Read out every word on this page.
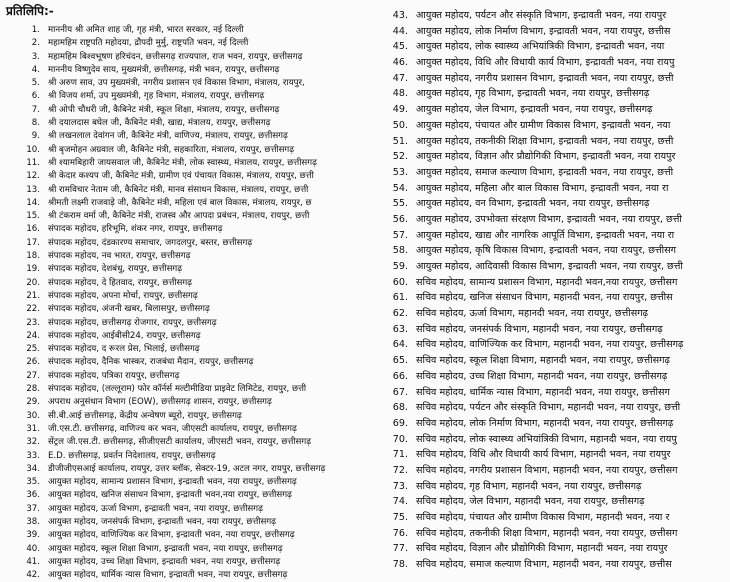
प्रतिलिपि:-
1. माननीय श्री अमित शाह जी, गृह मंत्री, भारत सरकार, नई दिल्ली
2. महामहिम राष्ट्रपति महोदया, द्रौपदी मुर्मु, राष्ट्रपति भवन, नई दिल्ली
3. महामहिम बिश्वभूषण हरिचंदन, छत्तीसगढ़ राज्यपाल, राज भवन, रायपुर, छत्तीसगढ़
4. माननीय विष्णुदेव साय, मुख्यमंत्री, छत्तीसगढ़, मंत्री भवन, रायपुर, छत्तीसगढ़
5. श्री अरुण साव, उप मुख्यमंत्री, नगरीय प्रशासन एवं विकास विभाग, मंत्रालय, रायपुर,
6. श्री विजय शर्मा, उप मुख्यमंत्री, गृह विभाग, मंत्रालय, रायपुर, छत्तीसगढ़
7. श्री ओपी चौधरी जी, कैबिनेट मंत्री, स्कूल शिक्षा, मंत्रालय, रायपुर, छत्तीसगढ़
8. श्री दयालदास बघेल जी, कैबिनेट मंत्री, खाद्य, मंत्रालय, रायपुर, छत्तीसगढ़
9. श्री लखनलाल देवांगन जी, कैबिनेट मंत्री, वाणिज्य, मंत्रालय, रायपुर, छत्तीसगढ़
10. श्री बृजमोहन अग्रवाल जी, कैबिनेट मंत्री, सहकारिता, मंत्रालय, रायपुर, छत्तीसगढ़
11. श्री श्यामबिहारी जायसवाल जी, कैबिनेट मंत्री, लोक स्वास्थ्य, मंत्रालय, रायपुर, छत्तीसगढ़
12. श्री केदार कश्यप जी, कैबिनेट मंत्री, ग्रामीण एवं पंचायत विकास, मंत्रालय, रायपुर, छत्ती
13. श्री रामविचार नेताम जी, कैबिनेट मंत्री, मानव संसाधन विकास, मंत्रालय, रायपुर, छत्ती
14. श्रीमती लक्ष्मी राजवाड़े जी, कैबिनेट मंत्री, महिला एवं बाल विकास, मंत्रालय, रायपुर, छ
15. श्री टंकराम वर्मा जी, कैबिनेट मंत्री, राजस्व और आपदा प्रबंधन, मंत्रालय, रायपुर, छत्ती
16. संपादक महोदय, हरिभूमि, शंकर नगर, रायपुर, छत्तीसगढ़
17. संपादक महोदय, दंडकारण्य समाचार, जगदलपुर, बस्तर, छत्तीसगढ़
18. संपादक महोदय, नव भारत, रायपुर, छत्तीसगढ़
19. संपादक महोदय, देशबंधु, रायपुर, छत्तीसगढ़
20. संपादक महोदय, दे हितवाद, रायपुर, छत्तीसगढ़
21. संपादक महोदय, अपना मोर्चा, रायपुर, छत्तीसगढ़
22. संपादक महोदय, अंजनी खबर, बिलासपुर, छत्तीसगढ़
23. संपादक महोदय, छत्तीसगढ़ रोजगार, रायपुर, छत्तीसगढ़
24. संपादक महोदय, आईबीसी24, रायपुर, छत्तीसगढ़
25. संपादक महोदय, द रूरल प्रेस, भिलाई, छत्तीसगढ़
26. संपादक महोदय, दैनिक भास्कर, राजबंधा मैदान, रायपुर, छत्तीसगढ़
27. संपादक महोदय, पत्रिका रायपुर, छत्तीसगढ़
28. संपादक महोदय, (लल्लूराम) फोर कॉर्नर्स मल्टीमीडिया प्राइवेट लिमिटेड, रायपुर, छत्ती
29. अपराध अनुसंधान विभाग (EOW), छत्तीसगढ़ शासन, रायपुर, छत्तीसगढ़
30. सी.बी.आई छत्तीसगढ़, केंद्रीय अन्वेषण ब्यूरो, रायपुर, छत्तीसगढ़
31. जी.एस.टी. छत्तीसगढ़, वाणिज्य कर भवन, जीएसटी कार्यालय, रायपुर, छत्तीसगढ़
32. सेंट्रल जी.एस.टी. छत्तीसगढ़, सीजीएसटी कार्यालय, जीएसटी भवन, रायपुर, छत्तीसगढ़
33. E.D. छत्तीसगढ़, प्रवर्तन निदेशालय, रायपुर, छत्तीसगढ़
34. डीजीजीएसआई कार्यालय, रायपुर, उत्तर ब्लॉक, सेक्टर-19, अटल नगर, रायपुर, छत्तीसगढ़
35. आयुक्त महोदय, सामान्य प्रशासन विभाग, इन्द्रावती भवन, नया रायपुर, छत्तीसगढ़
36. आयुक्त महोदय, खनिज संसाधन विभाग, इन्द्रावती भवन,नया रायपुर, छत्तीसगढ़
37. आयुक्त महोदय, ऊर्जा विभाग, इन्द्रावती भवन, नया रायपुर, छत्तीसगढ़
38. आयुक्त महोदय, जनसंपर्क विभाग, इन्द्रावती भवन, नया रायपुर, छत्तीसगढ़
39. आयुक्त महोदय, वाणिज्यिक कर विभाग, इन्द्रावती भवन, नया रायपुर, छत्तीसगढ़
40. आयुक्त महोदय, स्कूल शिक्षा विभाग, इन्द्रावती भवन, नया रायपुर, छत्तीसगढ़
41. आयुक्त महोदय, उच्च शिक्षा विभाग, इन्द्रावती भवन, नया रायपुर, छत्तीसगढ़
42. आयुक्त महोदय, धार्मिक न्यास विभाग, इन्द्रावती भवन, नया रायपुर, छत्तीसगढ़
43. आयुक्त महोदय, पर्यटन और संस्कृति विभाग, इन्द्रावती भवन, नया रायपुर
44. आयुक्त महोदय, लोक निर्माण विभाग, इन्द्रावती भवन, नया रायपुर, छत्तीस
45. आयुक्त महोदय, लोक स्वास्थ्य अभियांत्रिकी विभाग, इन्द्रावती भवन, नया
46. आयुक्त महोदय, विधि और विधायी कार्य विभाग, इन्द्रावती भवन, नया रायपु
47. आयुक्त महोदय, नगरीय प्रशासन विभाग, इन्द्रावती भवन, नया रायपुर, छत्ती
48. आयुक्त महोदय, गृह विभाग, इन्द्रावती भवन, नया रायपुर, छत्तीसगढ़
49. आयुक्त महोदय, जेल विभाग, इन्द्रावती भवन, नया रायपुर, छत्तीसगढ़
50. आयुक्त महोदय, पंचायत और ग्रामीण विकास विभाग, इन्द्रावती भवन, नया
51. आयुक्त महोदय, तकनीकी शिक्षा विभाग, इन्द्रावती भवन, नया रायपुर, छत्ती
52. आयुक्त महोदय, विज्ञान और प्रौद्योगिकी विभाग, इन्द्रावती भवन, नया रायपुर
53. आयुक्त महोदय, समाज कल्याण विभाग, इन्द्रावती भवन, नया रायपुर, छत्ती
54. आयुक्त महोदय, महिला और बाल विकास विभाग, इन्द्रावती भवन, नया रा
55. आयुक्त महोदय, वन विभाग, इन्द्रावती भवन, नया रायपुर, छत्तीसगढ़
56. आयुक्त महोदय, उपभोक्ता संरक्षण विभाग, इन्द्रावती भवन, नया रायपुर, छत्ती
57. आयुक्त महोदय, खाद्य और नागरिक आपूर्ति विभाग, इन्द्रावती भवन, नया रा
58. आयुक्त महोदय, कृषि विकास विभाग, इन्द्रावती भवन, नया रायपुर, छत्तीसग
59. आयुक्त महोदय, आदिवासी विकास विभाग, इन्द्रावती भवन, नया रायपुर, छत्ती
60. सचिव महोदय, सामान्य प्रशासन विभाग, महानदी भवन,नया रायपुर, छत्तीसग
61. सचिव महोदय, खनिज संसाधन विभाग, महानदी भवन, नया रायपुर, छत्तीस
62. सचिव महोदय, ऊर्जा विभाग, महानदी भवन, नया रायपुर, छत्तीसगढ़
63. सचिव महोदय, जनसंपर्क विभाग, महानदी भवन, नया रायपुर, छत्तीसगढ़
64. सचिव महोदय, वाणिज्यिक कर विभाग, महानदी भवन, नया रायपुर, छत्तीसगढ़
65. सचिव महोदय, स्कूल शिक्षा विभाग, महानदी भवन, नया रायपुर, छत्तीसगढ़
66. सचिव महोदय, उच्च शिक्षा विभाग, महानदी भवन, नया रायपुर, छत्तीसगढ़
67. सचिव महोदय, धार्मिक न्यास विभाग, महानदी भवन, नया रायपुर, छत्तीसग
68. सचिव महोदय, पर्यटन और संस्कृति विभाग, महानदी भवन, नया रायपुर, छत्ती
69. सचिव महोदय, लोक निर्माण विभाग, महानदी भवन, नया रायपुर, छत्तीसगढ़
70. सचिव महोदय, लोक स्वास्थ्य अभियांत्रिकी विभाग, महानदी भवन, नया रायपु
71. सचिव महोदय, विधि और विधायी कार्य विभाग, महानदी भवन, नया रायपुर
72. सचिव महोदय, नगरीय प्रशासन विभाग, महानदी भवन, नया रायपुर, छत्तीसग
73. सचिव महोदय, गृह विभाग, महानदी भवन, नया रायपुर, छत्तीसगढ़
74. सचिव महोदय, जेल विभाग, महानदी भवन, नया रायपुर, छत्तीसगढ़
75. सचिव महोदय, पंचायत और ग्रामीण विकास विभाग, महानदी भवन, नया र
76. सचिव महोदय, तकनीकी शिक्षा विभाग, महानदी भवन, नया रायपुर, छत्तीसग
77. सचिव महोदय, विज्ञान और प्रौद्योगिकी विभाग, महानदी भवन, नया रायपुर
78. सचिव महोदय, समाज कल्याण विभाग, महानदी भवन, नया रायपुर, छत्तीस
